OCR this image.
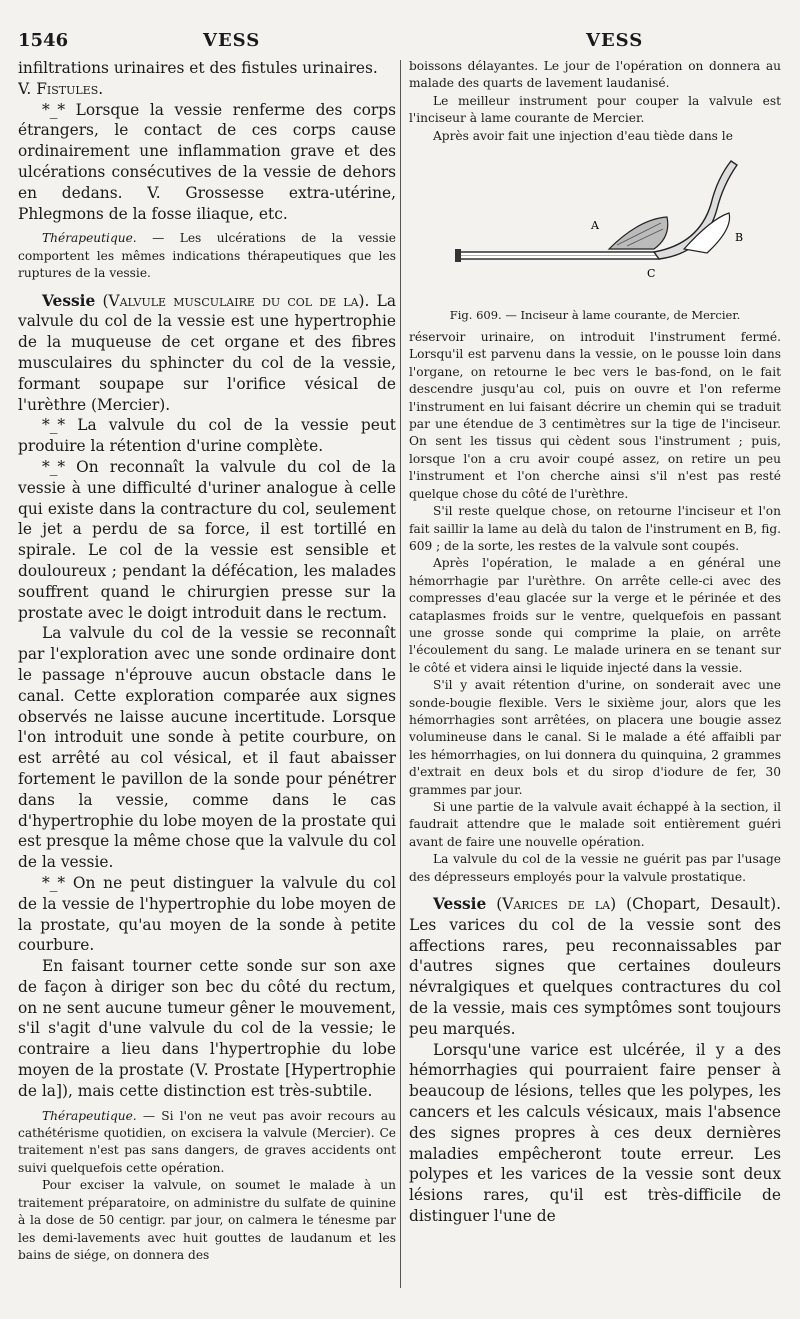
1546	VESS	VESS

infiltrations urinaires et des fistules urinaires.

V. Fistules.

*_* Lorsque la vessie renferme des corps étrangers, le contact de ces corps cause ordinairement une inflammation grave et des ulcérations consécutives de la vessie de dehors en dedans. V. Grossesse extra-utérine, Phlegmons de la fosse iliaque, etc.

Thérapeutique. — Les ulcérations de la vessie comportent les mêmes indications thérapeutiques que les ruptures de la vessie.

Vessie (Valvule musculaire du col de la). La valvule du col de la vessie est une hypertrophie de la muqueuse de cet organe et des fibres musculaires du sphincter du col de la vessie, formant soupape sur l'orifice vésical de l'urèthre (Mercier).

*_* La valvule du col de la vessie peut produire la rétention d'urine complète.

*_* On reconnaît la valvule du col de la vessie à une difficulté d'uriner analogue à celle qui existe dans la contracture du col, seulement le jet a perdu de sa force, il est tortillé en spirale. Le col de la vessie est sensible et douloureux ; pendant la défécation, les malades souffrent quand le chirurgien presse sur la prostate avec le doigt introduit dans le rectum.

La valvule du col de la vessie se reconnaît par l'exploration avec une sonde ordinaire dont le passage n'éprouve aucun obstacle dans le canal. Cette exploration comparée aux signes observés ne laisse aucune incertitude. Lorsque l'on introduit une sonde à petite courbure, on est arrêté au col vésical, et il faut abaisser fortement le pavillon de la sonde pour pénétrer dans la vessie, comme dans le cas d'hypertrophie du lobe moyen de la prostate qui est presque la même chose que la valvule du col de la vessie.

*_* On ne peut distinguer la valvule du col de la vessie de l'hypertrophie du lobe moyen de la prostate, qu'au moyen de la sonde à petite courbure.

En faisant tourner cette sonde sur son axe de façon à diriger son bec du côté du rectum, on ne sent aucune tumeur gêner le mouvement, s'il s'agit d'une valvule du col de la vessie; le contraire a lieu dans l'hypertrophie du lobe moyen de la prostate (V. Prostate [Hypertrophie de la]), mais cette distinction est très-subtile.

Thérapeutique. — Si l'on ne veut pas avoir recours au cathétérisme quotidien, on excisera la valvule (Mercier). Ce traitement n'est pas sans dangers, de graves accidents ont suivi quelquefois cette opération.

Pour exciser la valvule, on soumet le malade à un traitement préparatoire, on administre du sulfate de quinine à la dose de 50 centigr. par jour, on calmera le ténesme par les demi-lavements avec huit gouttes de laudanum et les bains de siége, on donnera des

boissons délayantes. Le jour de l'opération on donnera au malade des quarts de lavement laudanisé.

Le meilleur instrument pour couper la valvule est l'inciseur à lame courante de Mercier.

Après avoir fait une injection d'eau tiède dans le

A
B
C

Fig. 609. — Inciseur à lame courante, de Mercier.

réservoir urinaire, on introduit l'instrument fermé. Lorsqu'il est parvenu dans la vessie, on le pousse loin dans l'organe, on retourne le bec vers le bas-fond, on le fait descendre jusqu'au col, puis on ouvre et l'on referme l'instrument en lui faisant décrire un chemin qui se traduit par une étendue de 3 centimètres sur la tige de l'inciseur. On sent les tissus qui cèdent sous l'instrument ; puis, lorsque l'on a cru avoir coupé assez, on retire un peu l'instrument et l'on cherche ainsi s'il n'est pas resté quelque chose du côté de l'urèthre.

S'il reste quelque chose, on retourne l'inciseur et l'on fait saillir la lame au delà du talon de l'instrument en B, fig. 609 ; de la sorte, les restes de la valvule sont coupés.

Après l'opération, le malade a en général une hémorrhagie par l'urèthre. On arrête celle-ci avec des compresses d'eau glacée sur la verge et le périnée et des cataplasmes froids sur le ventre, quelquefois en passant une grosse sonde qui comprime la plaie, on arrête l'écoulement du sang. Le malade urinera en se tenant sur le côté et videra ainsi le liquide injecté dans la vessie.

S'il y avait rétention d'urine, on sonderait avec une sonde-bougie flexible. Vers le sixième jour, alors que les hémorrhagies sont arrêtées, on placera une bougie assez volumineuse dans le canal. Si le malade a été affaibli par les hémorrhagies, on lui donnera du quinquina, 2 grammes d'extrait en deux bols et du sirop d'iodure de fer, 30 grammes par jour.

Si une partie de la valvule avait échappé à la section, il faudrait attendre que le malade soit entièrement guéri avant de faire une nouvelle opération.

La valvule du col de la vessie ne guérit pas par l'usage des dépresseurs employés pour la valvule prostatique.

Vessie (Varices de la) (Chopart, Desault). Les varices du col de la vessie sont des affections rares, peu reconnaissables par d'autres signes que certaines douleurs névralgiques et quelques contractures du col de la vessie, mais ces symptômes sont toujours peu marqués.

Lorsqu'une varice est ulcérée, il y a des hémorrhagies qui pourraient faire penser à beaucoup de lésions, telles que les polypes, les cancers et les calculs vésicaux, mais l'absence des signes propres à ces deux dernières maladies empêcheront toute erreur. Les polypes et les varices de la vessie sont deux lésions rares, qu'il est très-difficile de distinguer l'une de
